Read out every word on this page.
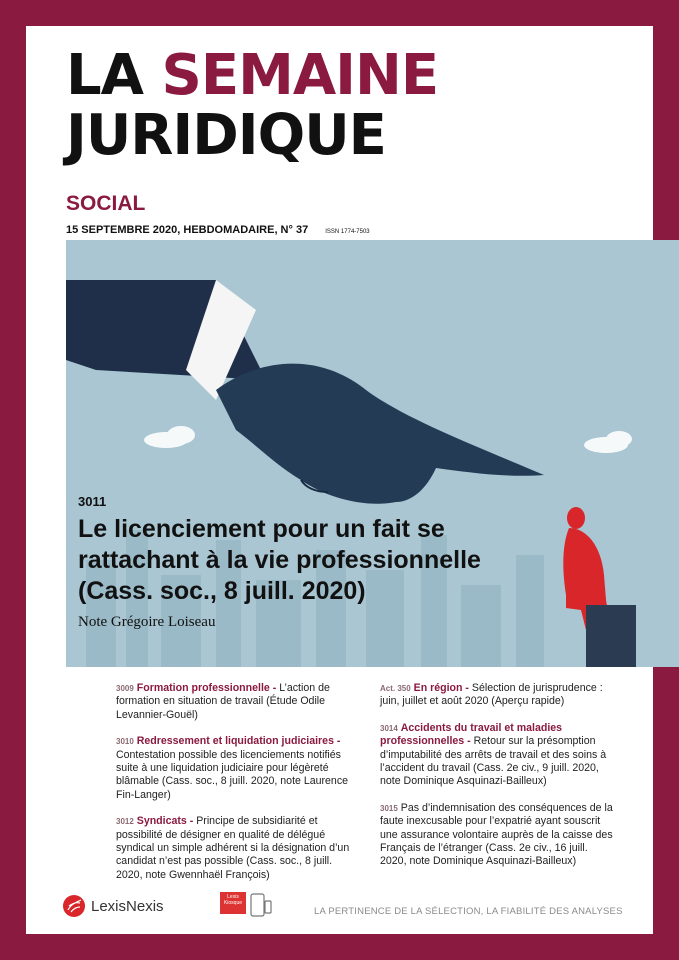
LA SEMAINE
JURIDIQUE
SOCIAL
15 SEPTEMBRE 2020, HEBDOMADAIRE, N° 37	ISSN 1774-7503
3011
Le licenciement pour un fait se rattachant à la vie professionnelle (Cass. soc., 8 juill. 2020)
Note Grégoire Loiseau
3009 Formation professionnelle - L’action de formation en situation de travail (Étude Odile Levannier-Gouël)
3010 Redressement et liquidation judiciaires - Contestation possible des licenciements notifiés suite à une liquidation judiciaire pour légèreté blâmable (Cass. soc., 8 juill. 2020, note Laurence Fin-Langer)
3012 Syndicats - Principe de subsidiarité et possibilité de désigner en qualité de délégué syndical un simple adhérent si la désignation d’un candidat n’est pas possible (Cass. soc., 8 juill. 2020, note Gwennhaël François)
Act. 350 En région - Sélection de jurisprudence : juin, juillet et août 2020 (Aperçu rapide)
3014 Accidents du travail et maladies professionnelles - Retour sur la présomption d’imputabilité des arrêts de travail et des soins à l’accident du travail (Cass. 2e civ., 9 juill. 2020, note Dominique Asquinazi-Bailleux)
3015 Pas d’indemnisation des conséquences de la faute inexcusable pour l’expatrié ayant souscrit une assurance volontaire auprès de la caisse des Français de l’étranger (Cass. 2e civ., 16 juill. 2020, note Dominique Asquinazi-Bailleux)
LexisNexis
Lexis Kiosque
LA PERTINENCE DE LA SÉLECTION, LA FIABILITÉ DES ANALYSES
